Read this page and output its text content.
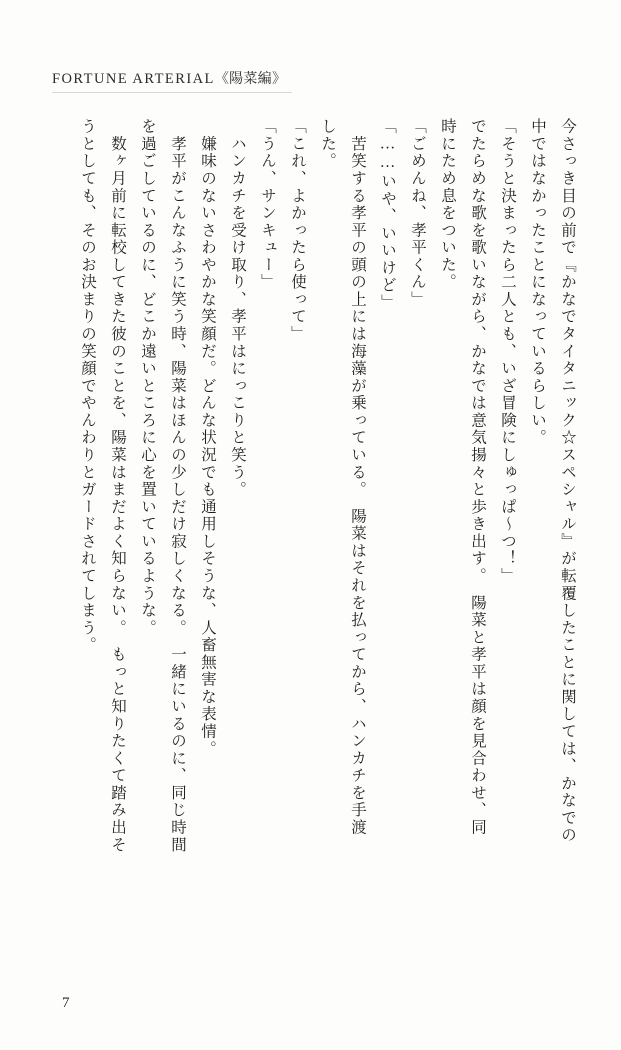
FORTUNE ARTERIAL《陽菜編》
今さっき目の前で『かなでタイタニック☆スペシャル』が転覆したことに関しては、かなでの
中ではなかったことになっているらしい。
「そうと決まったら二人とも、いざ冒険にしゅっぱ～つ！」
でたらめな歌を歌いながら、かなでは意気揚々と歩き出す。　陽菜と孝平は顔を見合わせ、同
時にため息をついた。
「ごめんね、孝平くん」
「……いや、いいけど」
　苦笑する孝平の頭の上には海藻が乗っている。　陽菜はそれを払ってから、ハンカチを手渡
した。
「これ、よかったら使って」
「うん、サンキュー」
　ハンカチを受け取り、孝平はにっこりと笑う。
　嫌味のないさわやかな笑顔だ。どんな状況でも通用しそうな、人畜無害な表情。
　孝平がこんなふうに笑う時、陽菜はほんの少しだけ寂しくなる。　一緒にいるのに、同じ時間
を過ごしているのに、どこか遠いところに心を置いているような。
　数ヶ月前に転校してきた彼のことを、陽菜はまだよく知らない。　もっと知りたくて踏み出そ
うとしても、そのお決まりの笑顔でやんわりとガードされてしまう。
7
